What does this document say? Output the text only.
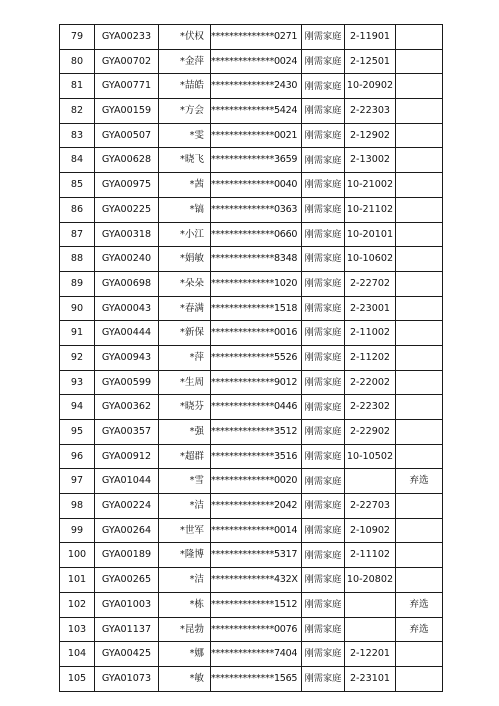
79	GYA00233	*伏权	**************0271	刚需家庭	2-11901	
80	GYA00702	*金萍	**************0024	刚需家庭	2-12501	
81	GYA00771	*喆皓	**************2430	刚需家庭	10-20902	
82	GYA00159	*方会	**************5424	刚需家庭	2-22303	
83	GYA00507	*雯	**************0021	刚需家庭	2-12902	
84	GYA00628	*晓飞	**************3659	刚需家庭	2-13002	
85	GYA00975	*茜	**************0040	刚需家庭	10-21002	
86	GYA00225	*镐	**************0363	刚需家庭	10-21102	
87	GYA00318	*小江	**************0660	刚需家庭	10-20101	
88	GYA00240	*娟敏	**************8348	刚需家庭	10-10602	
89	GYA00698	*朵朵	**************1020	刚需家庭	2-22702	
90	GYA00043	*春满	**************1518	刚需家庭	2-23001	
91	GYA00444	*新保	**************0016	刚需家庭	2-11002	
92	GYA00943	*萍	**************5526	刚需家庭	2-11202	
93	GYA00599	*生周	**************9012	刚需家庭	2-22002	
94	GYA00362	*晓芬	**************0446	刚需家庭	2-22302	
95	GYA00357	*强	**************3512	刚需家庭	2-22902	
96	GYA00912	*超群	**************3516	刚需家庭	10-10502	
97	GYA01044	*雪	**************0020	刚需家庭		弃选
98	GYA00224	*洁	**************2042	刚需家庭	2-22703	
99	GYA00264	*世军	**************0014	刚需家庭	2-10902	
100	GYA00189	*隆博	**************5317	刚需家庭	2-11102	
101	GYA00265	*洁	**************432X	刚需家庭	10-20802	
102	GYA01003	*栋	**************1512	刚需家庭		弃选
103	GYA01137	*昆勃	**************0076	刚需家庭		弃选
104	GYA00425	*娜	**************7404	刚需家庭	2-12201	
105	GYA01073	*敏	**************1565	刚需家庭	2-23101	
